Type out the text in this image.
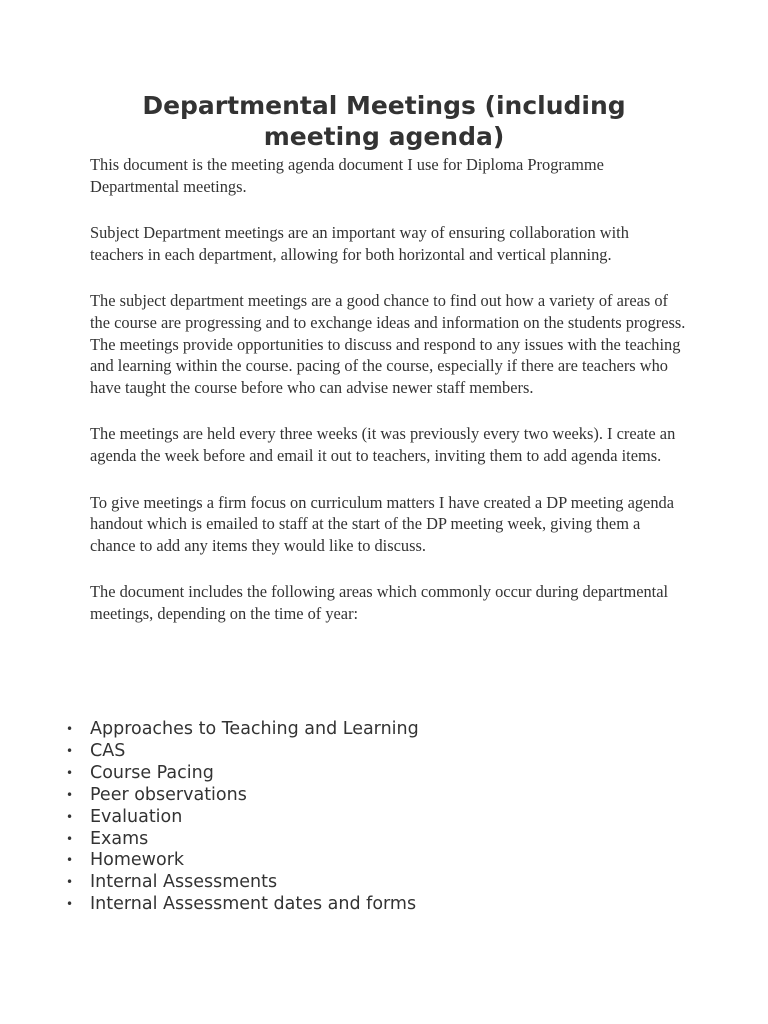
Departmental Meetings (including meeting agenda)

This document is the meeting agenda document I use for Diploma Programme Departmental meetings.

Subject Department meetings are an important way of ensuring collaboration with teachers in each department, allowing for both horizontal and vertical planning.

The subject department meetings are a good chance to find out how a variety of areas of the course are progressing and to exchange ideas and information on the students progress. The meetings provide opportunities to discuss and respond to any issues with the teaching and learning within the course. pacing of the course, especially if there are teachers who have taught the course before who can advise newer staff members.

The meetings are held every three weeks (it was previously every two weeks). I create an agenda the week before and email it out to teachers, inviting them to add agenda items.

To give meetings a firm focus on curriculum matters I have created a DP meeting agenda handout which is emailed to staff at the start of the DP meeting week, giving them a chance to add any items they would like to discuss.

The document includes the following areas which commonly occur during departmental meetings, depending on the time of year:

• Approaches to Teaching and Learning
• CAS
• Course Pacing
• Peer observations
• Evaluation
• Exams
• Homework
• Internal Assessments
• Internal Assessment dates and forms
